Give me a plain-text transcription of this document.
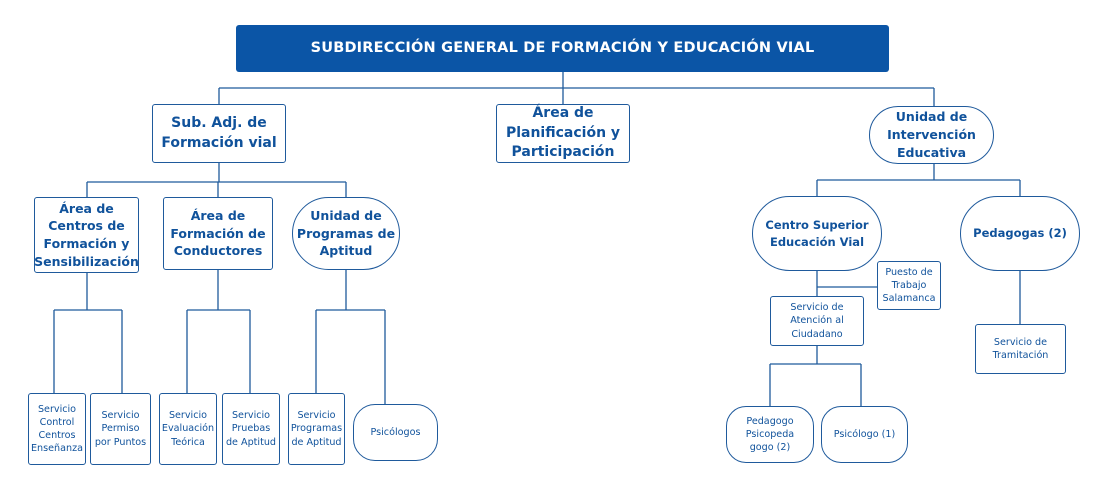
SUBDIRECCIÓN GENERAL DE FORMACIÓN Y EDUCACIÓN VIAL
Sub. Adj. de
Formación vial
Área de
Planificación y
Participación
Unidad de
Intervención
Educativa
Área de
Centros de
Formación y
Sensibilización
Área de
Formación de
Conductores
Unidad de
Programas de
Aptitud
Centro Superior
Educación Vial
Pedagogas (2)
Servicio
Control
Centros
Enseñanza
Servicio
Permiso
por Puntos
Servicio
Evaluación
Teórica
Servicio
Pruebas
de Aptitud
Servicio
Programas
de Aptitud
Psicólogos
Puesto de
Trabajo
Salamanca
Servicio de
Atención al
Ciudadano
Servicio de
Tramitación
Pedagogo
Psicopeda
gogo (2)
Psicólogo (1)
